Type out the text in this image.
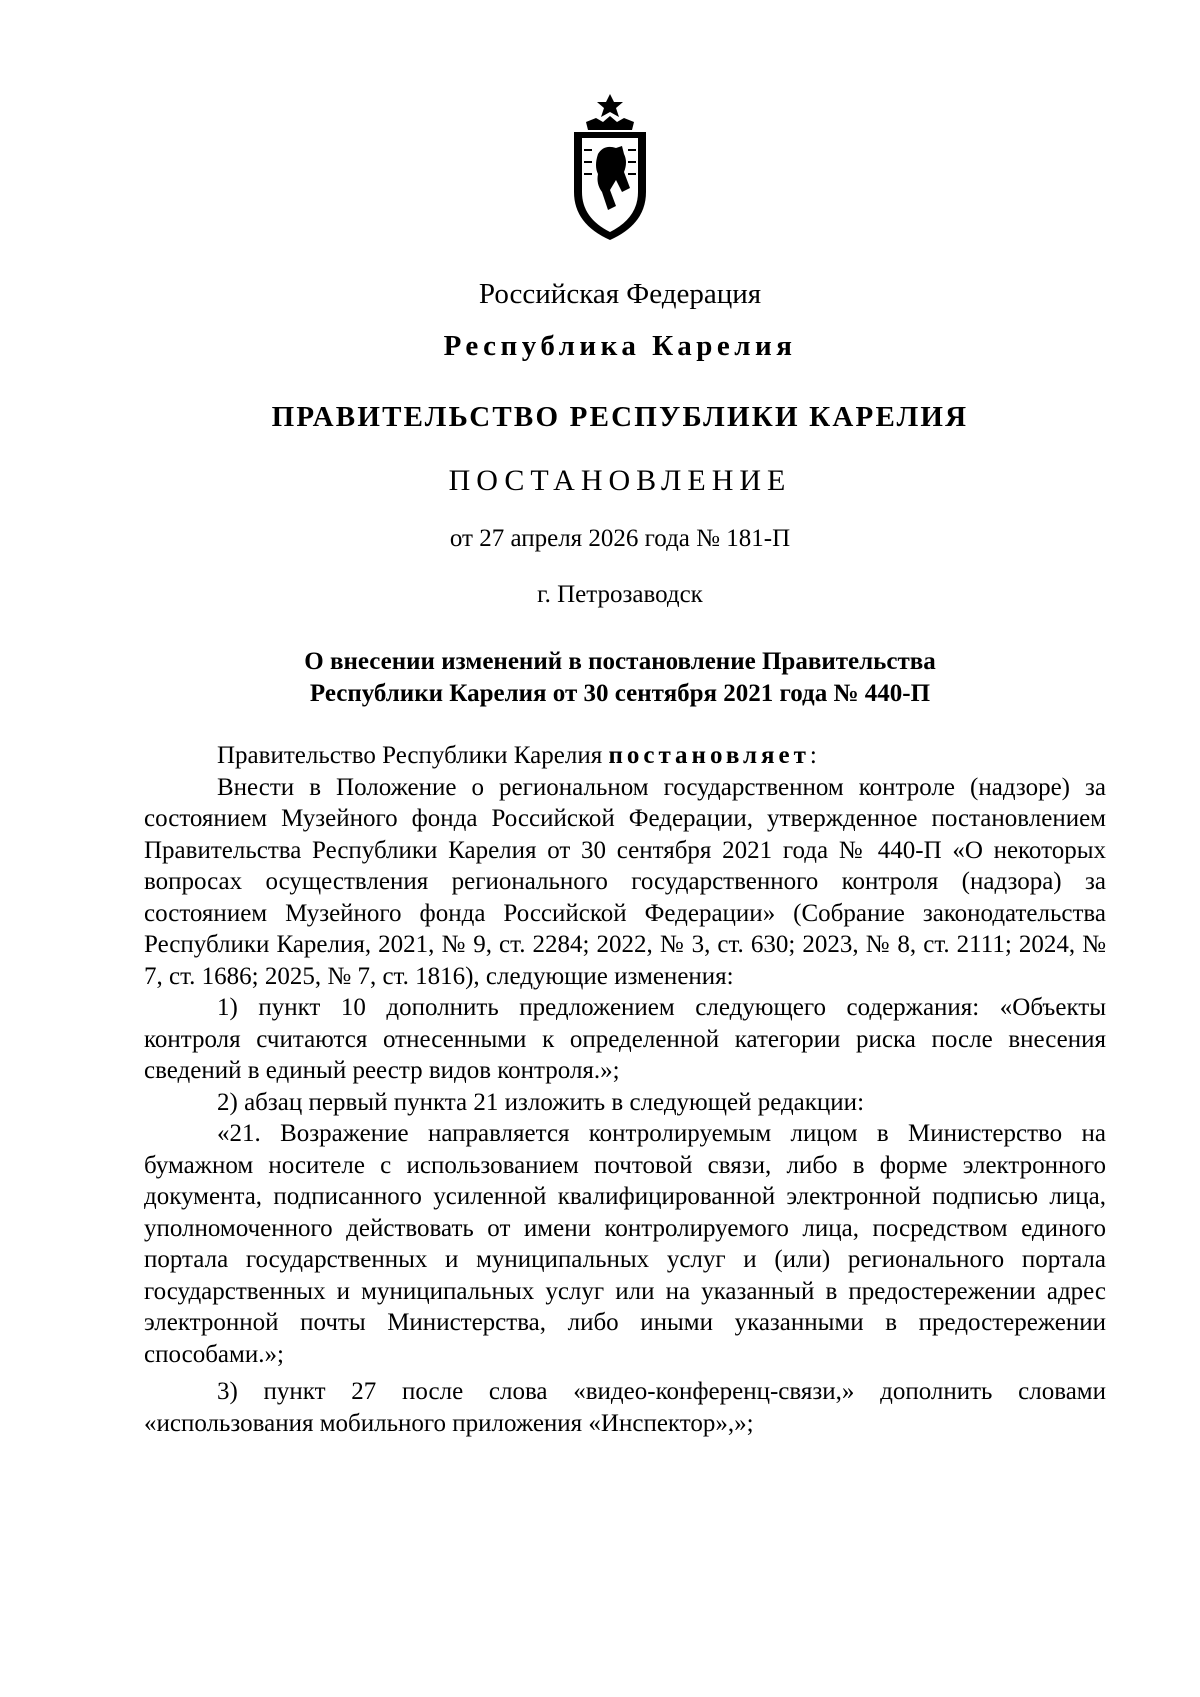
Российская Федерация
Республика Карелия
ПРАВИТЕЛЬСТВО РЕСПУБЛИКИ КАРЕЛИЯ
ПОСТАНОВЛЕНИЕ
от 27 апреля 2026 года № 181-П
г. Петрозаводск
О внесении изменений в постановление Правительства
Республики Карелия от 30 сентября 2021 года № 440-П

Правительство Республики Карелия постановляет:

Внести в Положение о региональном государственном контроле (надзоре) за состоянием Музейного фонда Российской Федерации, утвержденное постановлением Правительства Республики Карелия от 30 сентября 2021 года № 440-П «О некоторых вопросах осуществления регионального государственного контроля (надзора) за состоянием Музейного фонда Российской Федерации» (Собрание законодательства Республики Карелия, 2021, № 9, ст. 2284; 2022, № 3, ст. 630; 2023, № 8, ст. 2111; 2024, № 7, ст. 1686; 2025, № 7, ст. 1816), следующие изменения:

1) пункт 10 дополнить предложением следующего содержания: «Объекты контроля считаются отнесенными к определенной категории риска после внесения сведений в единый реестр видов контроля.»;

2) абзац первый пункта 21 изложить в следующей редакции:

«21. Возражение направляется контролируемым лицом в Министерство на бумажном носителе с использованием почтовой связи, либо в форме электронного документа, подписанного усиленной квалифицированной электронной подписью лица, уполномоченного действовать от имени контролируемого лица, посредством единого портала государственных и муниципальных услуг и (или) регионального портала государственных и муниципальных услуг или на указанный в предостережении адрес электронной почты Министерства, либо иными указанными в предостережении способами.»;

3) пункт 27 после слова «видео-конференц-связи,» дополнить словами «использования мобильного приложения «Инспектор»,»;
